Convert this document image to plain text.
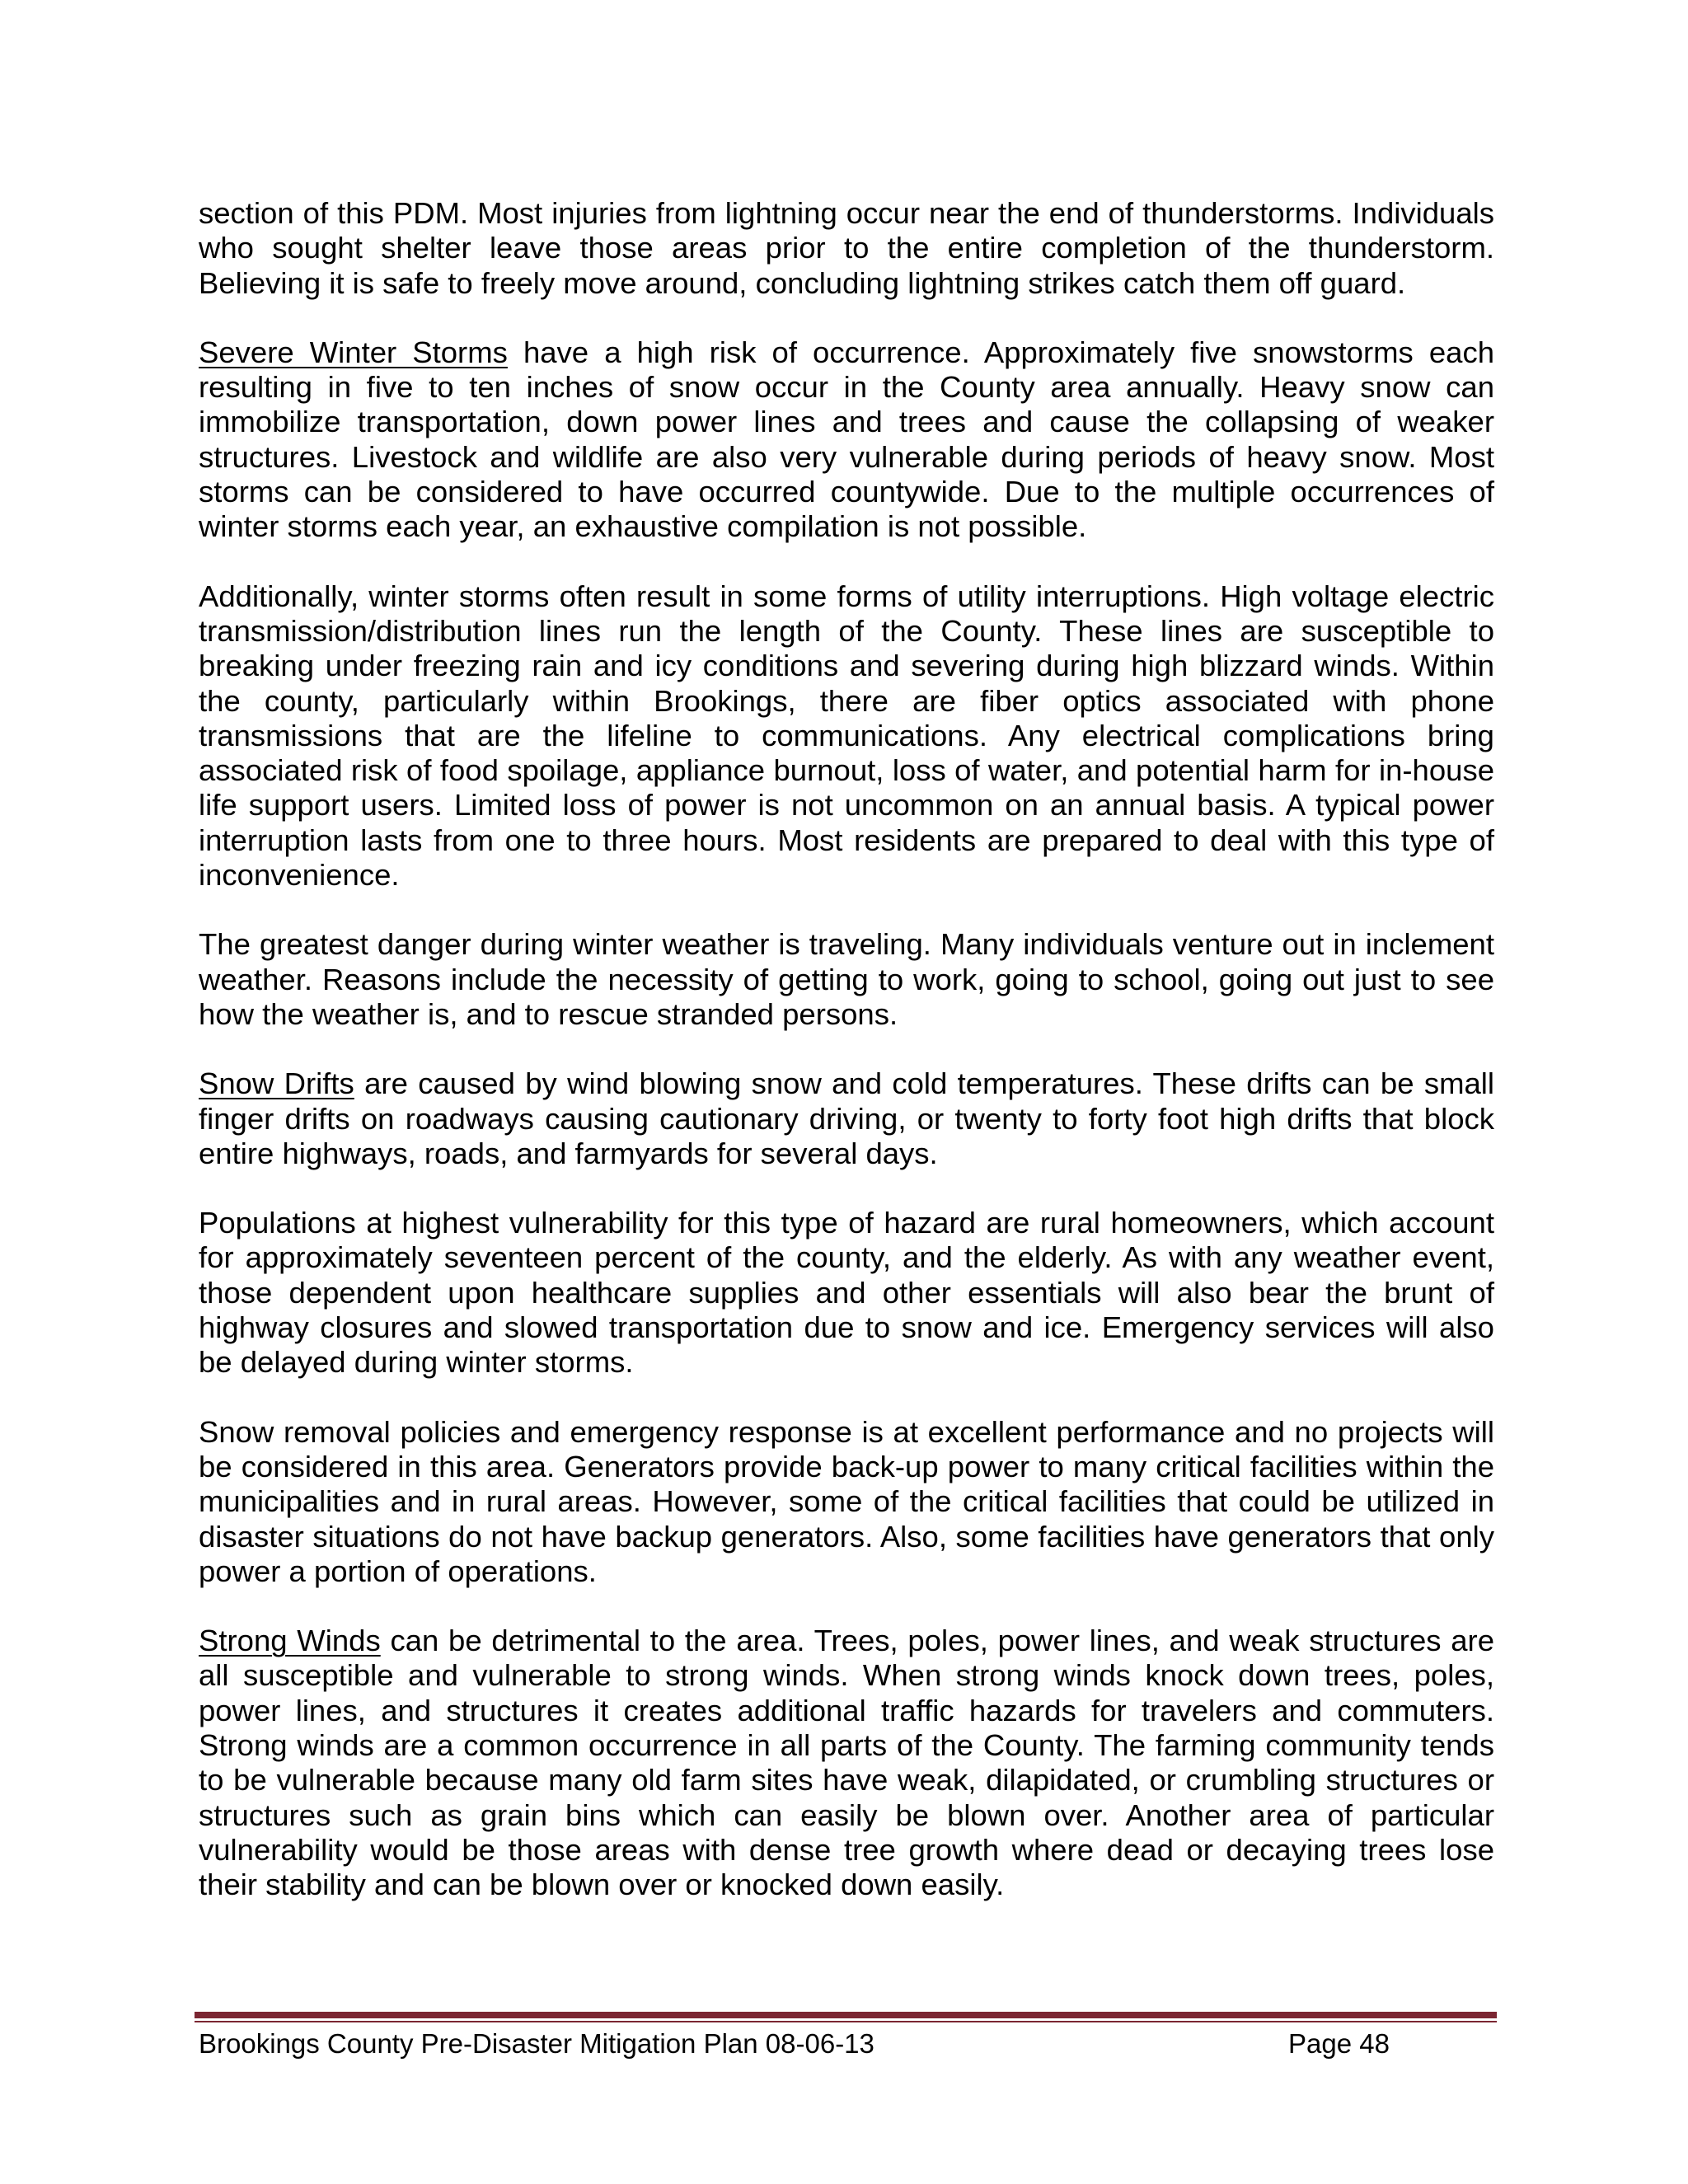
section of this PDM. Most injuries from lightning occur near the end of thunderstorms. Individuals who sought shelter leave those areas prior to the entire completion of the thunderstorm. Believing it is safe to freely move around, concluding lightning strikes catch them off guard.

Severe Winter Storms have a high risk of occurrence. Approximately five snowstorms each resulting in five to ten inches of snow occur in the County area annually. Heavy snow can immobilize transportation, down power lines and trees and cause the collapsing of weaker structures. Livestock and wildlife are also very vulnerable during periods of heavy snow. Most storms can be considered to have occurred countywide. Due to the multiple occurrences of winter storms each year, an exhaustive compilation is not possible.

Additionally, winter storms often result in some forms of utility interruptions. High voltage electric transmission/distribution lines run the length of the County. These lines are susceptible to breaking under freezing rain and icy conditions and severing during high blizzard winds. Within the county, particularly within Brookings, there are fiber optics associated with phone transmissions that are the lifeline to communications. Any electrical complications bring associated risk of food spoilage, appliance burnout, loss of water, and potential harm for in-house life support users. Limited loss of power is not uncommon on an annual basis. A typical power interruption lasts from one to three hours. Most residents are prepared to deal with this type of inconvenience.

The greatest danger during winter weather is traveling. Many individuals venture out in inclement weather. Reasons include the necessity of getting to work, going to school, going out just to see how the weather is, and to rescue stranded persons.

Snow Drifts are caused by wind blowing snow and cold temperatures. These drifts can be small finger drifts on roadways causing cautionary driving, or twenty to forty foot high drifts that block entire highways, roads, and farmyards for several days.

Populations at highest vulnerability for this type of hazard are rural homeowners, which account for approximately seventeen percent of the county, and the elderly. As with any weather event, those dependent upon healthcare supplies and other essentials will also bear the brunt of highway closures and slowed transportation due to snow and ice. Emergency services will also be delayed during winter storms.

Snow removal policies and emergency response is at excellent performance and no projects will be considered in this area. Generators provide back-up power to many critical facilities within the municipalities and in rural areas. However, some of the critical facilities that could be utilized in disaster situations do not have backup generators. Also, some facilities have generators that only power a portion of operations.

Strong Winds can be detrimental to the area. Trees, poles, power lines, and weak structures are all susceptible and vulnerable to strong winds. When strong winds knock down trees, poles, power lines, and structures it creates additional traffic hazards for travelers and commuters. Strong winds are a common occurrence in all parts of the County. The farming community tends to be vulnerable because many old farm sites have weak, dilapidated, or crumbling structures or structures such as grain bins which can easily be blown over. Another area of particular vulnerability would be those areas with dense tree growth where dead or decaying trees lose their stability and can be blown over or knocked down easily.

Brookings County Pre-Disaster Mitigation Plan 08-06-13	Page 48
